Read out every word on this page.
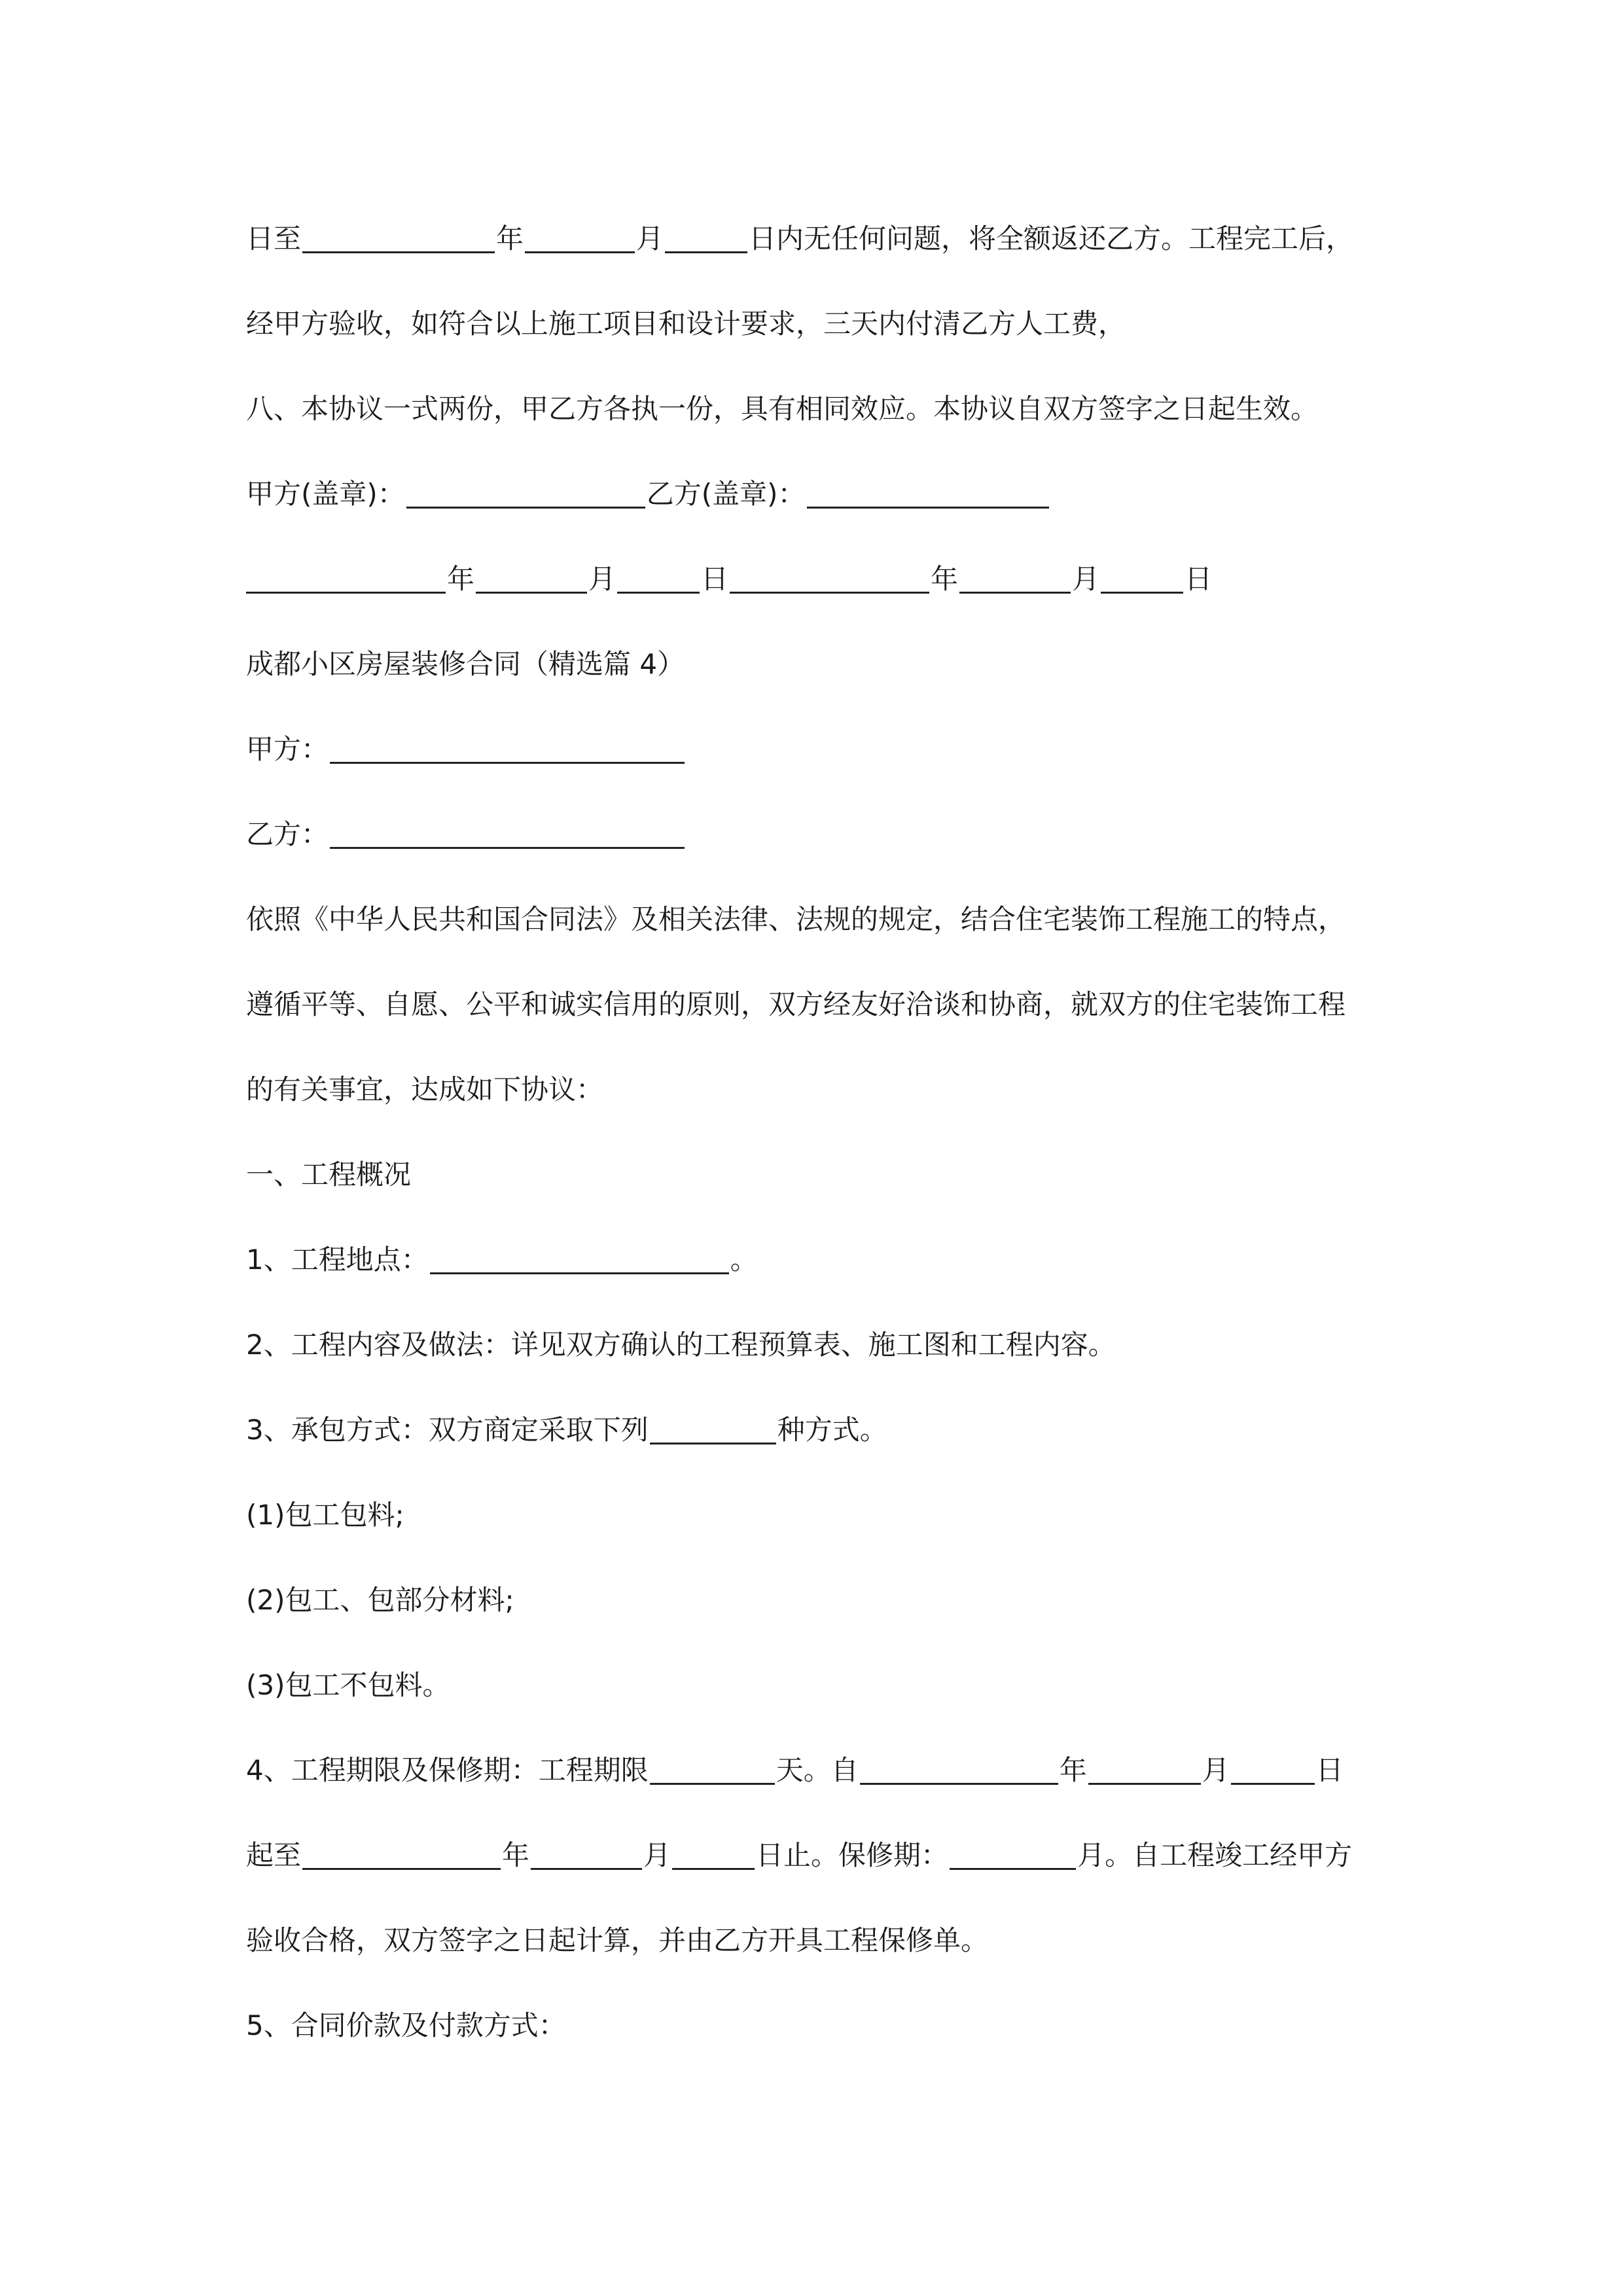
日至	年	月	日内无任何问题，将全额返还乙方。工程完工后，
经甲方验收，如符合以上施工项目和设计要求，三天内付清乙方人工费，
八、本协议一式两份，甲乙方各执一份，具有相同效应。本协议自双方签字之日起生效。
甲方(盖章)：	乙方(盖章)：
年	月	日	年	月	日
成都小区房屋装修合同（精选篇 4）
甲方：
乙方：
依照《中华人民共和国合同法》及相关法律、法规的规定，结合住宅装饰工程施工的特点，
遵循平等、自愿、公平和诚实信用的原则，双方经友好洽谈和协商，就双方的住宅装饰工程
的有关事宜，达成如下协议：
一、工程概况
1、工程地点：	。
2、工程内容及做法：详见双方确认的工程预算表、施工图和工程内容。
3、承包方式：双方商定采取下列	种方式。
(1)包工包料;
(2)包工、包部分材料;
(3)包工不包料。
4、工程期限及保修期：工程期限	天。自	年	月	日
起至	年	月	日止。保修期：	月。自工程竣工经甲方
验收合格，双方签字之日起计算，并由乙方开具工程保修单。
5、合同价款及付款方式：
